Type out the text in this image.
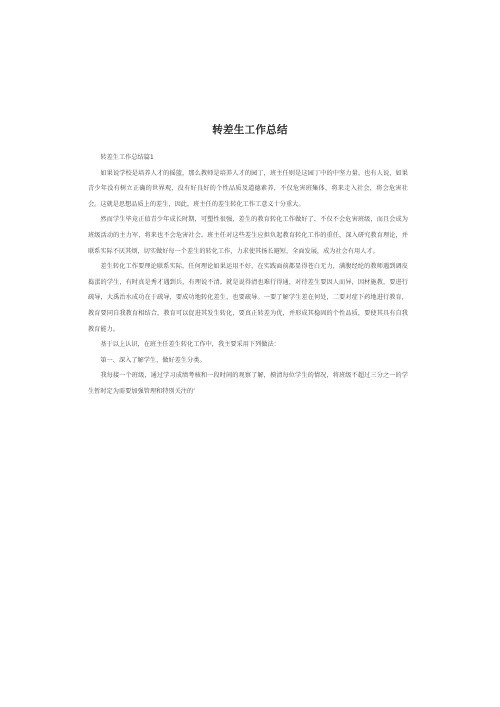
转差生工作总结

转差生工作总结篇1

如果说学校是培养人才的摇篮，那么教师是培养人才的园丁，班主任则是这园丁中的中坚力量。也有人说，如果青少年没有树立正确的世界观，没有好良好的个性品质及道德素养，不仅危害班集体，将来走入社会，将会危害社会。这就是思想品质上的差生，因此，班主任的差生转化工作工意义十分重大。

然而学生毕竟正值青少年成长时期，可塑性很强，差生的教育转化工作做好了，不仅不会危害班级，而且会成为班级活动的主力军，将来也不会危害社会。班主任对这些差生应担负起教育转化工作的重任，深入研究教育理论，并联系实际不厌其烦，切实做好每一个差生的转化工作，力求使其扬长避短，全面发展，成为社会有用人才。

差生转化工作要理论联系实际，任何理论如果运用不好，在实践面前都显得苍白无力，满腹经纶的教师遇到调皮捣蛋的学生，有时真是秀才遇到兵，有理说不清。就是说得清也难行得通，对待差生要因人而异，因材施教，要进行疏导，大禹治水成功在于疏导，要成功地转化差生，也要疏导。一要了解学生差在何处，二要对症下药地进行教育，教育要同自我教育相结合，教育可以促进其发生转化，要真正转差为优，并形成其稳固的个性品质，要使其具有自我教育能力。

基于以上认识，在班主任差生转化工作中，我主要采用下列做法：

第一、深入了解学生，做好差生分类。

我每接一个班级，通过学习成绩考核和一段时间的观察了解，摸清每位学生的情况，将班级不超过三分之一的学生暂时定为需要加强管理和特别关注的’
